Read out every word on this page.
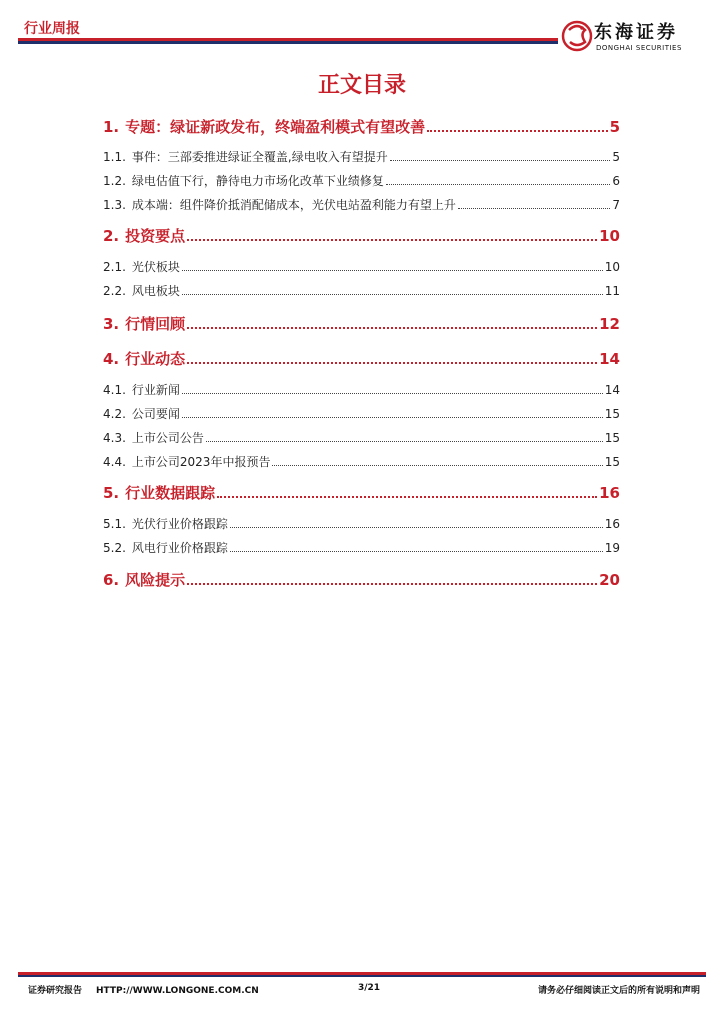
行业周报	东海证券
DONGHAI SECURITIES
正文目录
1. 专题：绿证新政发布，终端盈利模式有望改善	5
1.1. 事件：三部委推进绿证全覆盖,绿电收入有望提升	5
1.2. 绿电估值下行，静待电力市场化改革下业绩修复	6
1.3. 成本端：组件降价抵消配储成本，光伏电站盈利能力有望上升	7
2. 投资要点	10
2.1. 光伏板块	10
2.2. 风电板块	11
3. 行情回顾	12
4. 行业动态	14
4.1. 行业新闻	14
4.2. 公司要闻	15
4.3. 上市公司公告	15
4.4. 上市公司2023年中报预告	15
5. 行业数据跟踪	16
5.1. 光伏行业价格跟踪	16
5.2. 风电行业价格跟踪	19
6. 风险提示	20
证券研究报告 HTTP://WWW.LONGONE.COM.CN	3/21	请务必仔细阅读正文后的所有说明和声明
